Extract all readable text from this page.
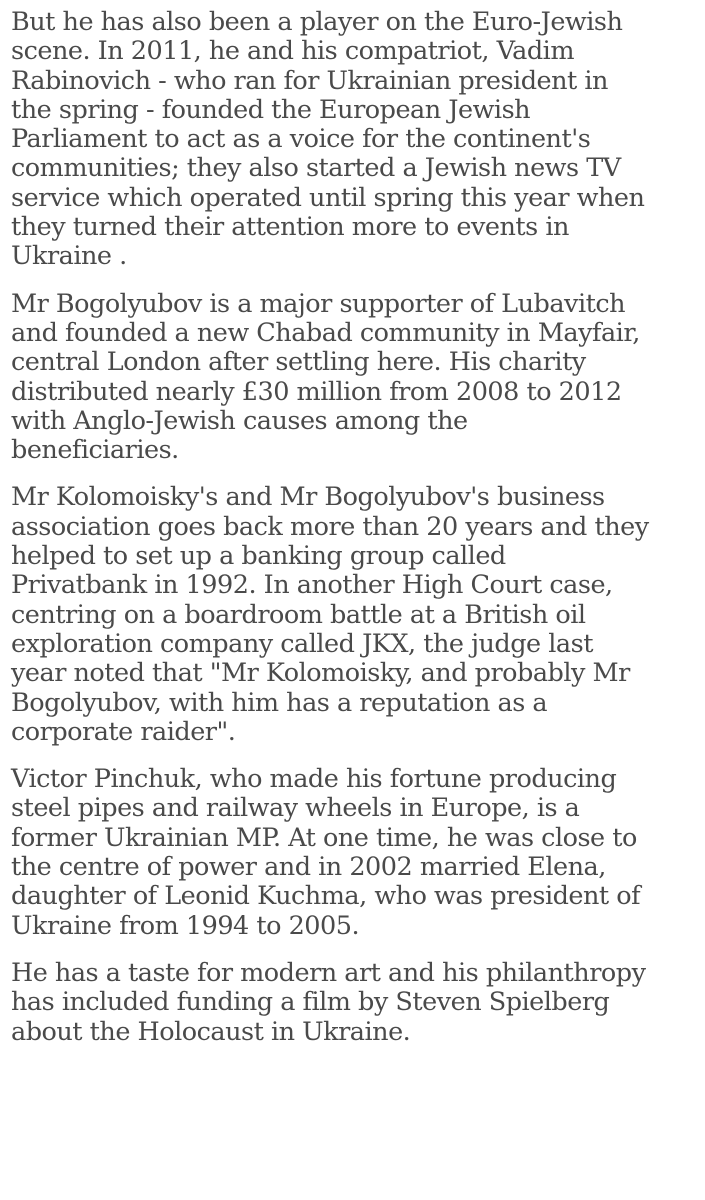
But he has also been a player on the Euro-Jewish
scene. In 2011, he and his compatriot, Vadim
Rabinovich - who ran for Ukrainian president in
the spring - founded the European Jewish
Parliament to act as a voice for the continent's
communities; they also started a Jewish news TV
service which operated until spring this year when
they turned their attention more to events in
Ukraine .

Mr Bogolyubov is a major supporter of Lubavitch
and founded a new Chabad community in Mayfair,
central London after settling here. His charity
distributed nearly £30 million from 2008 to 2012
with Anglo-Jewish causes among the
beneficiaries.

Mr Kolomoisky's and Mr Bogolyubov's business
association goes back more than 20 years and they
helped to set up a banking group called
Privatbank in 1992. In another High Court case,
centring on a boardroom battle at a British oil
exploration company called JKX, the judge last
year noted that "Mr Kolomoisky, and probably Mr
Bogolyubov, with him has a reputation as a
corporate raider".

Victor Pinchuk, who made his fortune producing
steel pipes and railway wheels in Europe, is a
former Ukrainian MP. At one time, he was close to
the centre of power and in 2002 married Elena,
daughter of Leonid Kuchma, who was president of
Ukraine from 1994 to 2005.

He has a taste for modern art and his philanthropy
has included funding a film by Steven Spielberg
about the Holocaust in Ukraine.
